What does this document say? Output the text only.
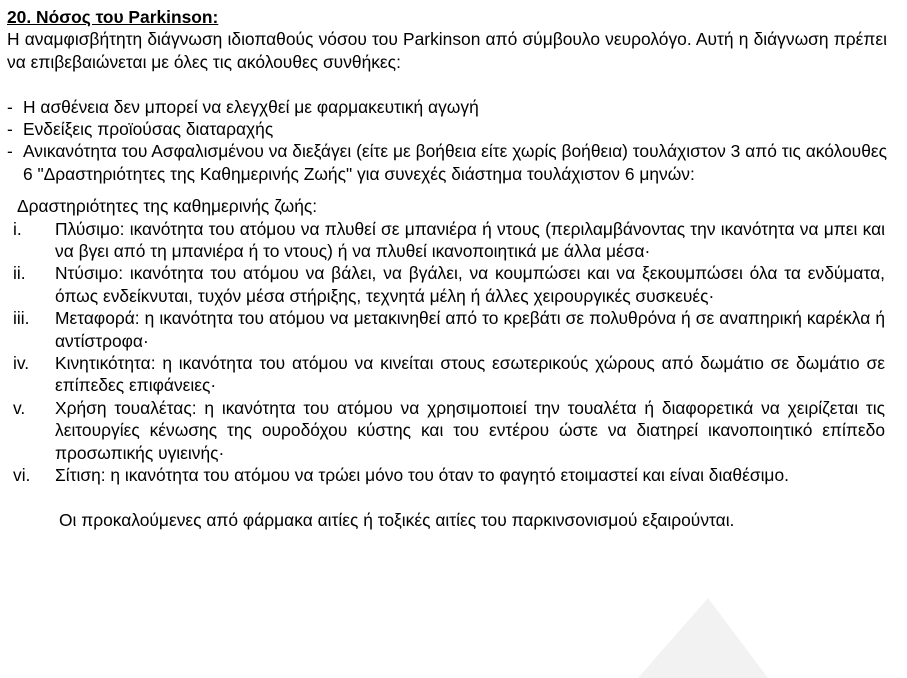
20. Νόσος του Parkinson:

Η αναμφισβήτητη διάγνωση ιδιοπαθούς νόσου του Parkinson από σύμβουλο νευρολόγο. Αυτή η διάγνωση πρέπει να επιβεβαιώνεται με όλες τις ακόλουθες συνθήκες:

- Η ασθένεια δεν μπορεί να ελεγχθεί με φαρμακευτική αγωγή
- Ενδείξεις προϊούσας διαταραχής
- Ανικανότητα του Ασφαλισμένου να διεξάγει (είτε με βοήθεια είτε χωρίς βοήθεια) τουλάχιστον 3 από τις ακόλουθες 6 "Δραστηριότητες της Καθημερινής Ζωής" για συνεχές διάστημα τουλάχιστον 6 μηνών:

Δραστηριότητες της καθημερινής ζωής:

i.	Πλύσιμο: ικανότητα του ατόμου να πλυθεί σε μπανιέρα ή ντους (περιλαμβάνοντας την ικανότητα να μπει και να βγει από τη μπανιέρα ή το ντους) ή να πλυθεί ικανοποιητικά με άλλα μέσα·
ii.	Ντύσιμο: ικανότητα του ατόμου να βάλει, να βγάλει, να κουμπώσει και να ξεκουμπώσει όλα τα ενδύματα, όπως ενδείκνυται, τυχόν μέσα στήριξης, τεχνητά μέλη ή άλλες χειρουργικές συσκευές·
iii.	Μεταφορά: η ικανότητα του ατόμου να μετακινηθεί από το κρεβάτι σε πολυθρόνα ή σε αναπηρική καρέκλα ή αντίστροφα·
iv.	Κινητικότητα: η ικανότητα του ατόμου να κινείται στους εσωτερικούς χώρους από δωμάτιο σε δωμάτιο σε επίπεδες επιφάνειες·
v.	Χρήση τουαλέτας: η ικανότητα του ατόμου να χρησιμοποιεί την τουαλέτα ή διαφορετικά να χειρίζεται τις λειτουργίες κένωσης της ουροδόχου κύστης και του εντέρου ώστε να διατηρεί ικανοποιητικό επίπεδο προσωπικής υγιεινής·
vi.	Σίτιση: η ικανότητα του ατόμου να τρώει μόνο του όταν το φαγητό ετοιμαστεί και είναι διαθέσιμο.

Οι προκαλούμενες από φάρμακα αιτίες ή τοξικές αιτίες του παρκινσονισμού εξαιρούνται.
